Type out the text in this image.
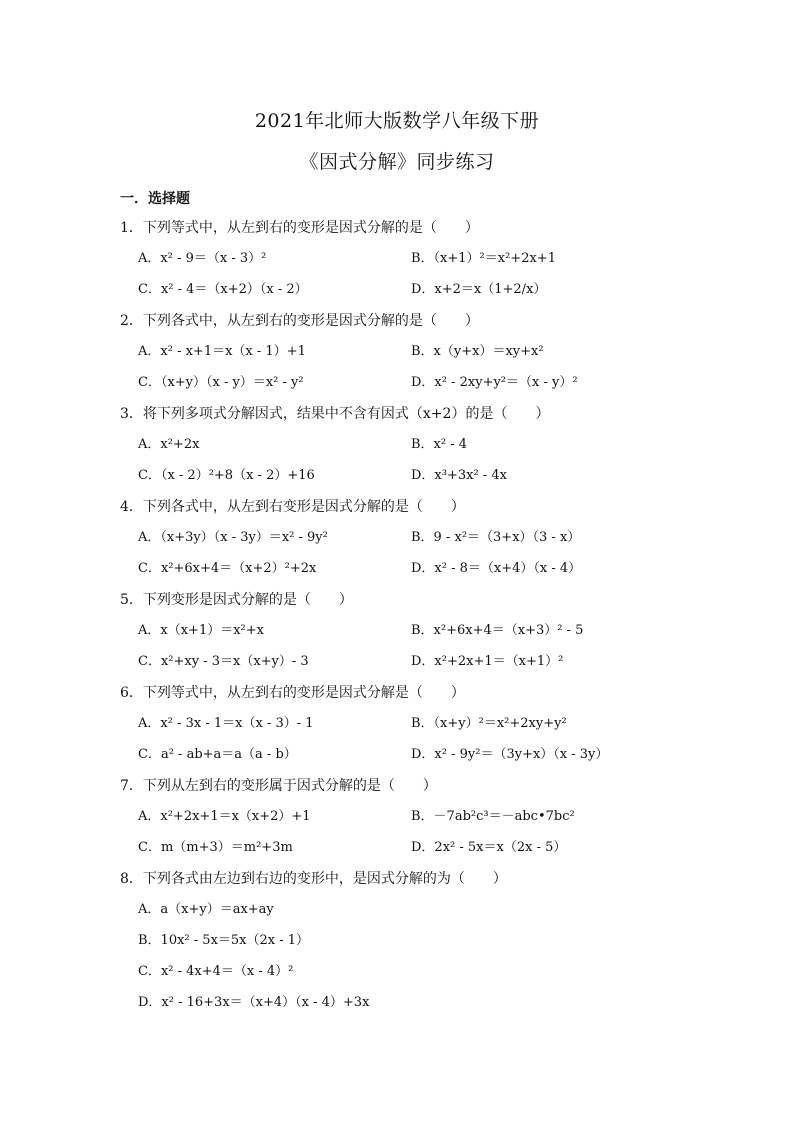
2021年北师大版数学八年级下册
《因式分解》同步练习
一．选择题
1．下列等式中，从左到右的变形是因式分解的是（　　）
A．x² - 9＝（x - 3）²	B．（x+1）²＝x²+2x+1
C．x² - 4＝（x+2）（x - 2）	D．x+2＝x（1+2/x）
2．下列各式中，从左到右的变形是因式分解的是（　　）
A．x² - x+1＝x（x - 1）+1	B．x（y+x）＝xy+x²
C．（x+y）（x - y）＝x² - y²	D．x² - 2xy+y²＝（x - y）²
3．将下列多项式分解因式，结果中不含有因式（x+2）的是（　　）
A．x²+2x	B．x² - 4
C．（x - 2）²+8（x - 2）+16	D．x³+3x² - 4x
4．下列各式中，从左到右变形是因式分解的是（　　）
A．（x+3y）（x - 3y）＝x² - 9y²	B．9 - x²＝（3+x）（3 - x）
C．x²+6x+4＝（x+2）²+2x	D．x² - 8＝（x+4）（x - 4）
5．下列变形是因式分解的是（　　）
A．x（x+1）＝x²+x	B．x²+6x+4＝（x+3）² - 5
C．x²+xy - 3＝x（x+y）- 3	D．x²+2x+1＝（x+1）²
6．下列等式中，从左到右的变形是因式分解是（　　）
A．x² - 3x - 1＝x（x - 3）- 1	B．（x+y）²＝x²+2xy+y²
C．a² - ab+a＝a（a - b）	D．x² - 9y²＝（3y+x）（x - 3y）
7．下列从左到右的变形属于因式分解的是（　　）
A．x²+2x+1＝x（x+2）+1	B．－7ab²c³＝－abc•7bc²
C．m（m+3）＝m²+3m	D．2x² - 5x＝x（2x - 5）
8．下列各式由左边到右边的变形中，是因式分解的为（　　）
A．a（x+y）＝ax+ay
B．10x² - 5x＝5x（2x - 1）
C．x² - 4x+4＝（x - 4）²
D．x² - 16+3x＝（x+4）（x - 4）+3x
